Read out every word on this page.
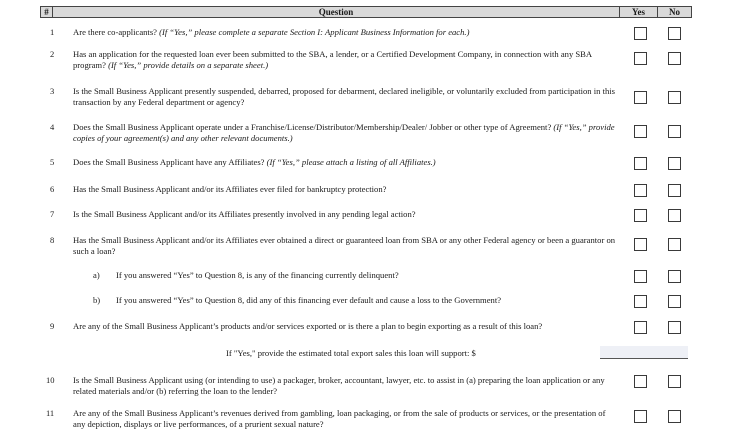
#	Question	Yes	No
1	Are there co-applicants? (If “Yes,” please complete a separate Section I: Applicant Business Information for each.)
2	Has an application for the requested loan ever been submitted to the SBA, a lender, or a Certified Development Company, in connection with any SBA program? (If “Yes,” provide details on a separate sheet.)
3	Is the Small Business Applicant presently suspended, debarred, proposed for debarment, declared ineligible, or voluntarily excluded from participation in this transaction by any Federal department or agency?
4	Does the Small Business Applicant operate under a Franchise/License/Distributor/Membership/Dealer/ Jobber or other type of Agreement? (If “Yes,” provide copies of your agreement(s) and any other relevant documents.)
5	Does the Small Business Applicant have any Affiliates? (If “Yes,” please attach a listing of all Affiliates.)
6	Has the Small Business Applicant and/or its Affiliates ever filed for bankruptcy protection?
7	Is the Small Business Applicant and/or its Affiliates presently involved in any pending legal action?
8	Has the Small Business Applicant and/or its Affiliates ever obtained a direct or guaranteed loan from SBA or any other Federal agency or been a guarantor on such a loan?
a)	If you answered “Yes” to Question 8, is any of the financing currently delinquent?
b)	If you answered “Yes” to Question 8, did any of this financing ever default and cause a loss to the Government?
9	Are any of the Small Business Applicant’s products and/or services exported or is there a plan to begin exporting as a result of this loan?
10	Is the Small Business Applicant using (or intending to use) a packager, broker, accountant, lawyer, etc. to assist in (a) preparing the loan application or any related materials and/or (b) referring the loan to the lender?
11	Are any of the Small Business Applicant’s revenues derived from gambling, loan packaging, or from the sale of products or services, or the presentation of any depiction, displays or live performances, of a prurient sexual nature?
If "Yes," provide the estimated total export sales this loan will support: $
